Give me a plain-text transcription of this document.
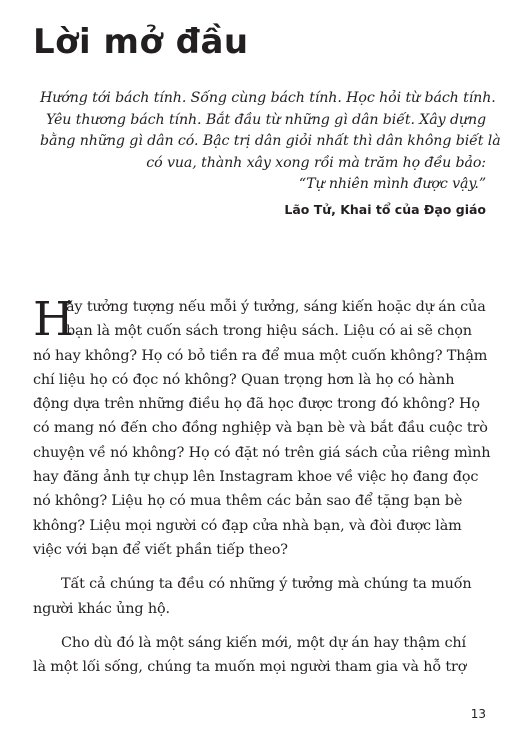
Lời mở đầu
Hướng tới bách tính. Sống cùng bách tính. Học hỏi từ bách tính.
Yêu thương bách tính. Bắt đầu từ những gì dân biết. Xây dựng
bằng những gì dân có. Bậc trị dân giỏi nhất thì dân không biết là
có vua, thành xây xong rồi mà trăm họ đều bảo:
“Tự nhiên mình được vậy.”
Lão Tử, Khai tổ của Đạo giáo
H
ãy tưởng tượng nếu mỗi ý tưởng, sáng kiến hoặc dự án của
bạn là một cuốn sách trong hiệu sách. Liệu có ai sẽ chọn
nó hay không? Họ có bỏ tiền ra để mua một cuốn không? Thậm
chí liệu họ có đọc nó không? Quan trọng hơn là họ có hành
động dựa trên những điều họ đã học được trong đó không? Họ
có mang nó đến cho đồng nghiệp và bạn bè và bắt đầu cuộc trò
chuyện về nó không? Họ có đặt nó trên giá sách của riêng mình
hay đăng ảnh tự chụp lên Instagram khoe về việc họ đang đọc
nó không? Liệu họ có mua thêm các bản sao để tặng bạn bè
không? Liệu mọi người có đạp cửa nhà bạn, và đòi được làm
việc với bạn để viết phần tiếp theo?
Tất cả chúng ta đều có những ý tưởng mà chúng ta muốn
người khác ủng hộ.
Cho dù đó là một sáng kiến mới, một dự án hay thậm chí
là một lối sống, chúng ta muốn mọi người tham gia và hỗ trợ
13
